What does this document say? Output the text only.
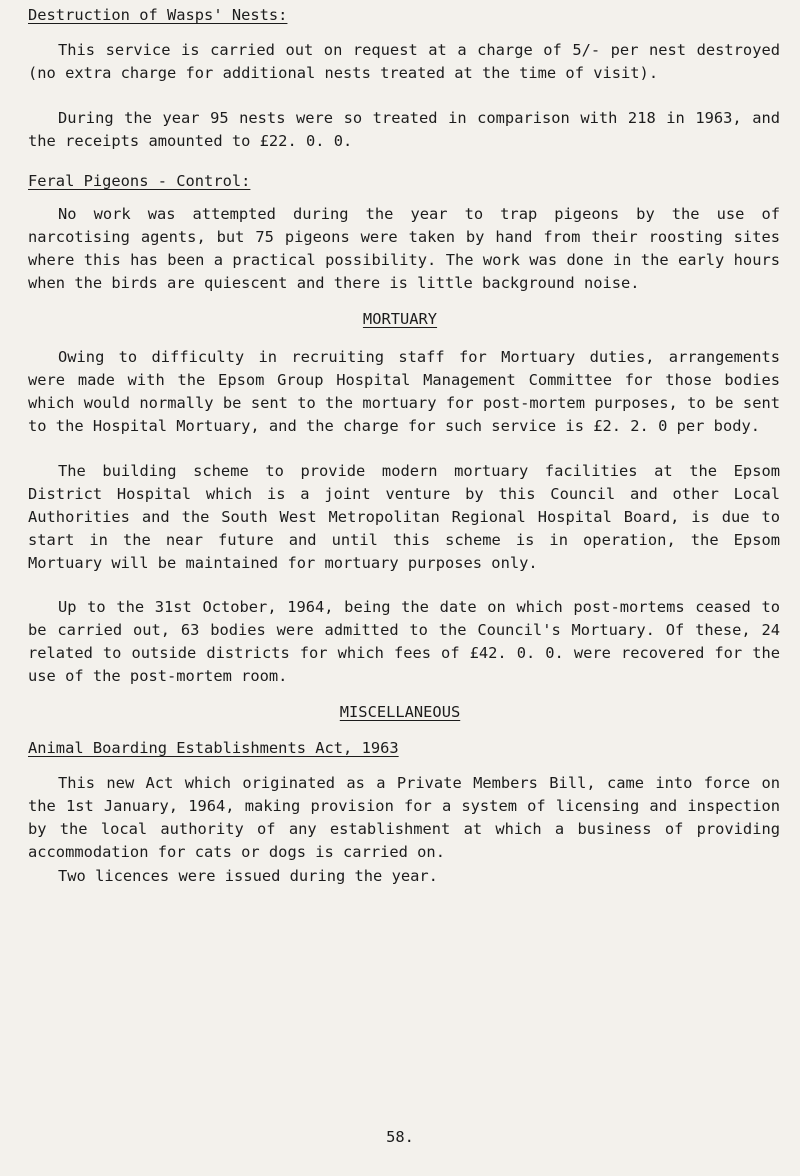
Destruction of Wasps' Nests:

This service is carried out on request at a charge of 5/- per nest destroyed (no extra charge for additional nests treated at the time of visit).

During the year 95 nests were so treated in comparison with 218 in 1963, and the receipts amounted to £22. 0. 0.

Feral Pigeons - Control:

No work was attempted during the year to trap pigeons by the use of narcotising agents, but 75 pigeons were taken by hand from their roosting sites where this has been a practical possibility. The work was done in the early hours when the birds are quiescent and there is little background noise.

MORTUARY

Owing to difficulty in recruiting staff for Mortuary duties, arrangements were made with the Epsom Group Hospital Management Committee for those bodies which would normally be sent to the mortuary for post-mortem purposes, to be sent to the Hospital Mortuary, and the charge for such service is £2. 2. 0 per body.

The building scheme to provide modern mortuary facilities at the Epsom District Hospital which is a joint venture by this Council and other Local Authorities and the South West Metropolitan Regional Hospital Board, is due to start in the near future and until this scheme is in operation, the Epsom Mortuary will be maintained for mortuary purposes only.

Up to the 31st October, 1964, being the date on which post-mortems ceased to be carried out, 63 bodies were admitted to the Council's Mortuary. Of these, 24 related to outside districts for which fees of £42. 0. 0. were recovered for the use of the post-mortem room.

MISCELLANEOUS
Animal Boarding Establishments Act, 1963

This new Act which originated as a Private Members Bill, came into force on the 1st January, 1964, making provision for a system of licensing and inspection by the local authority of any establishment at which a business of providing accommodation for cats or dogs is carried on.

Two licences were issued during the year.

58.
